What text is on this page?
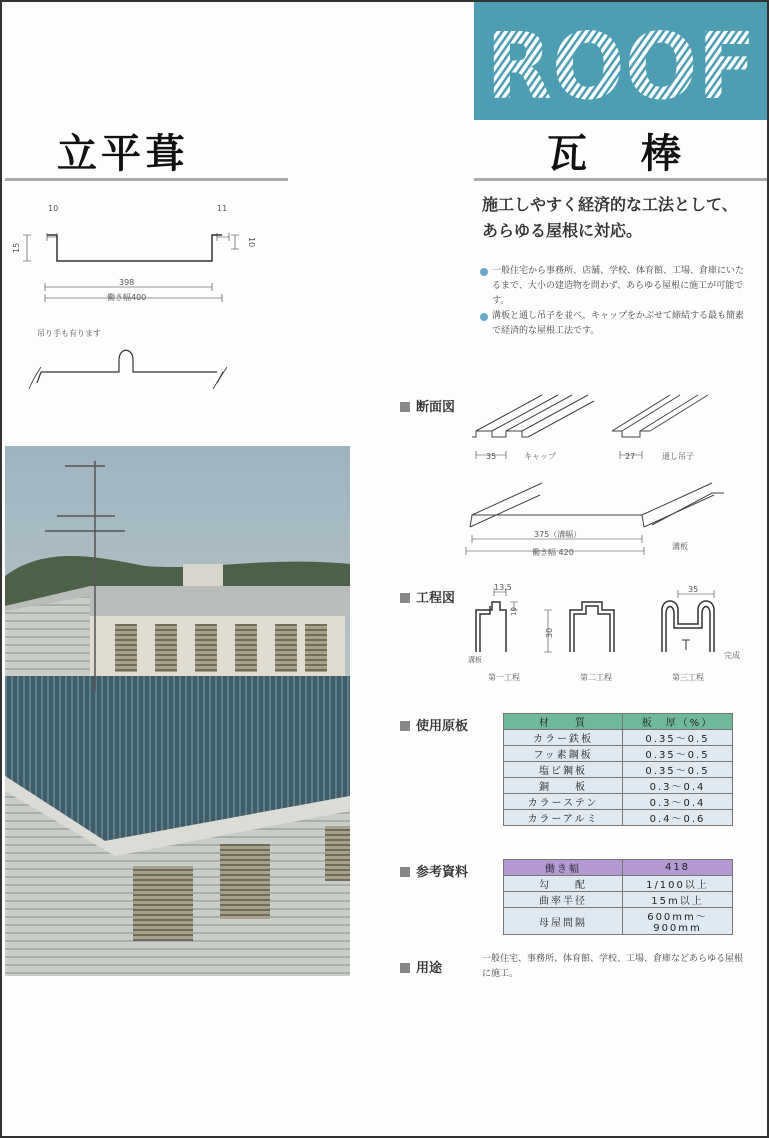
立平葺
10	11
15
10
398
働き幅400
吊り手も有ります
ROOF
瓦 棒
施工しやすく経済的な工法として、
あらゆる屋根に対応。
一般住宅から事務所、店舗、学校、体育館、工場、倉庫にいたるまで、大小の建造物を問わず、あらゆる屋根に施工が可能です。
溝板と通し吊子を並べ、キャップをかぶせて締結する最も簡素で経済的な屋根工法です。
断面図
35	キャップ	27	通し吊子
375（溝幅）
働き幅 420
溝板
工程図
13.5
10
30
35
溝板
第一工程	第二工程	第三工程
完成
使用原板	材　　質	板　厚（%）
カラー鉄板	0.35〜0.5
フッ素鋼板	0.35〜0.5
塩ビ鋼板	0.35〜0.5
銅　　板	0.3〜0.4
カラーステン	0.3〜0.4
カラーアルミ	0.4〜0.6
参考資料	働き幅	418
勾　　配	1/100以上
曲率半径	15m以上
母屋間隔	600mm〜900mm
用途
一般住宅、事務所、体育館、学校、工場、倉庫などあらゆる屋根に施工。
